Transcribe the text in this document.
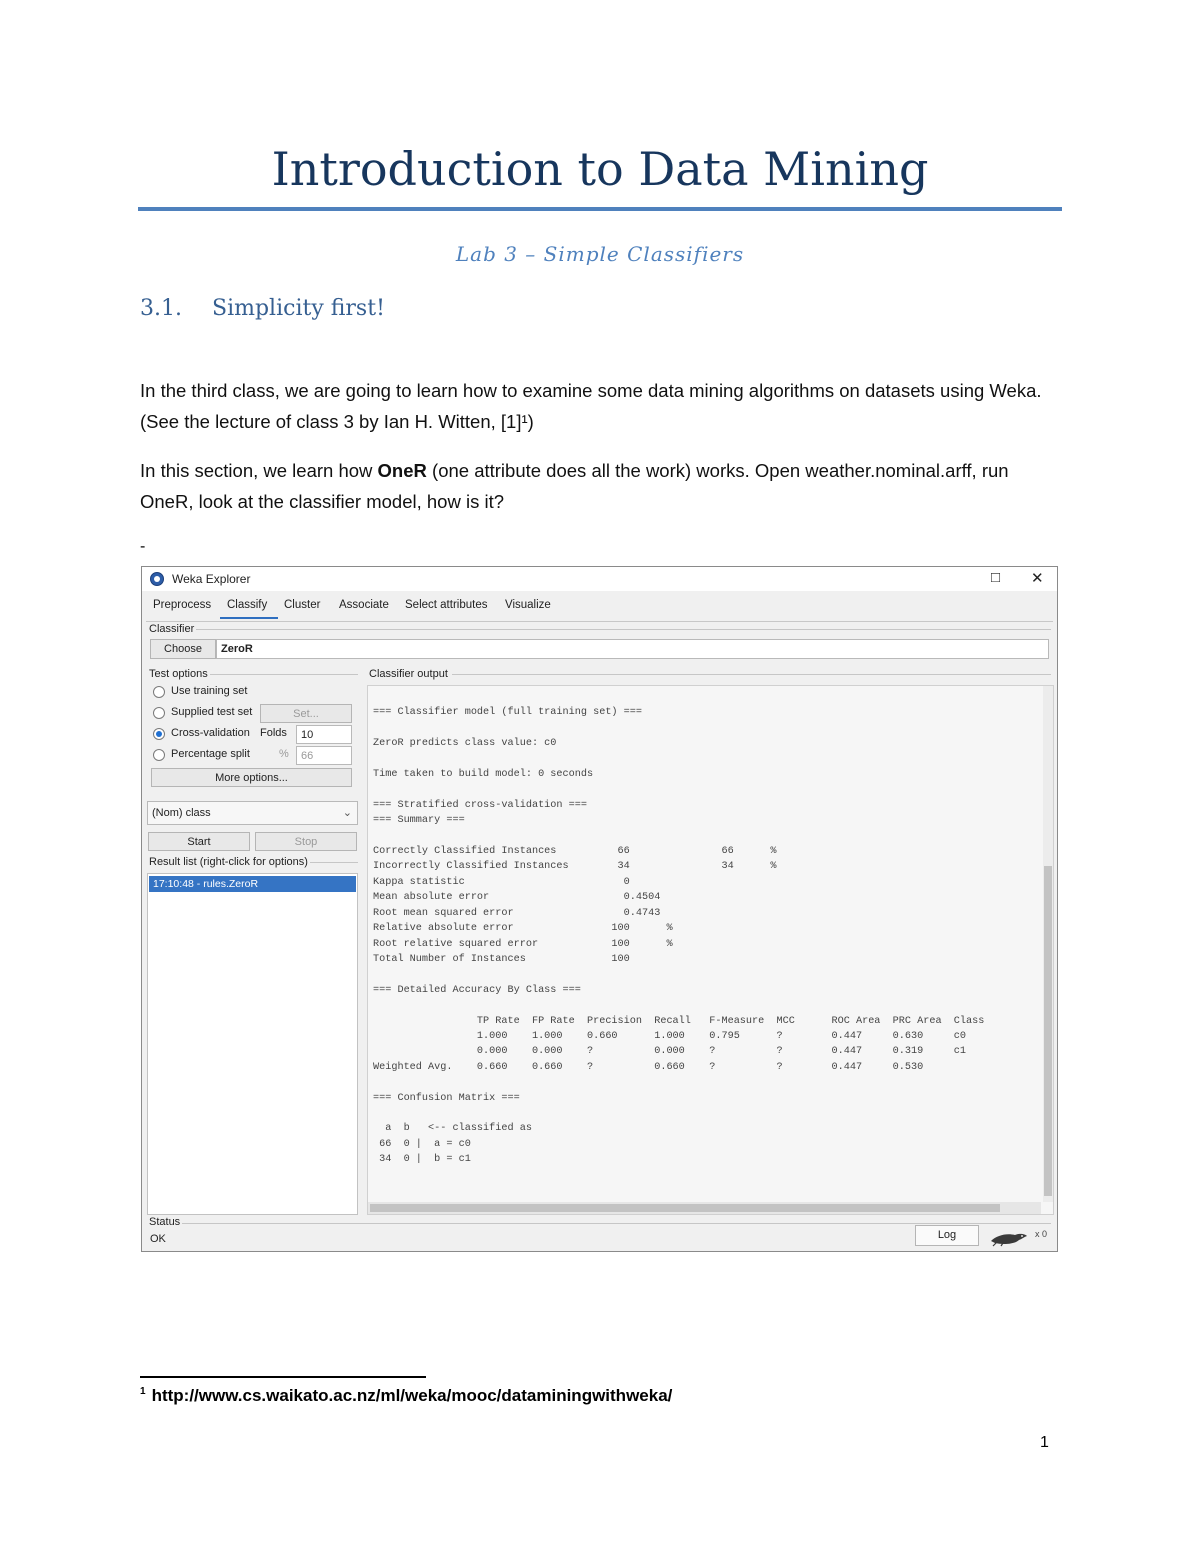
Introduction to Data Mining
Lab 3 – Simple Classifiers
3.1. Simplicity first!
In the third class, we are going to learn how to examine some data mining algorithms on datasets using Weka. (See the lecture of class 3 by Ian H. Witten, [1]¹)
In this section, we learn how OneR (one attribute does all the work) works. Open weather.nominal.arff, run OneR, look at the classifier model, how is it?
-
Weka Explorer	□ ✕
Preprocess Classify Cluster Associate Select attributes Visualize
Classifier
Choose	ZeroR
Test options
Use training set
Supplied test set	Set...
Cross-validation Folds	10
Percentage split	%	66
More options...
(Nom) class	⌄
Start	Stop
Result list (right-click for options)
17:10:48 - rules.ZeroR
Classifier output

=== Classifier model (full training set) ===

ZeroR predicts class value: c0

Time taken to build model: 0 seconds

=== Stratified cross-validation ===
=== Summary ===

Correctly Classified Instances          66               66      %
Incorrectly Classified Instances        34               34      %
Kappa statistic                          0
Mean absolute error                      0.4504
Root mean squared error                  0.4743
Relative absolute error                100      %
Root relative squared error            100      %
Total Number of Instances              100

=== Detailed Accuracy By Class ===

TP Rate  FP Rate  Precision  Recall   F-Measure  MCC      ROC Area  PRC Area  Class
1.000    1.000    0.660      1.000    0.795      ?        0.447     0.630     c0
0.000    0.000    ?          0.000    ?          ?        0.447     0.319     c1
Weighted Avg.    0.660    0.660    ?          0.660    ?          ?        0.447     0.530

=== Confusion Matrix ===

a  b   <-- classified as
66  0 |  a = c0
34  0 |  b = c1

Status
OK	Log	x 0
$^1$ http://www.cs.waikato.ac.nz/ml/weka/mooc/dataminingwithweka/
1
